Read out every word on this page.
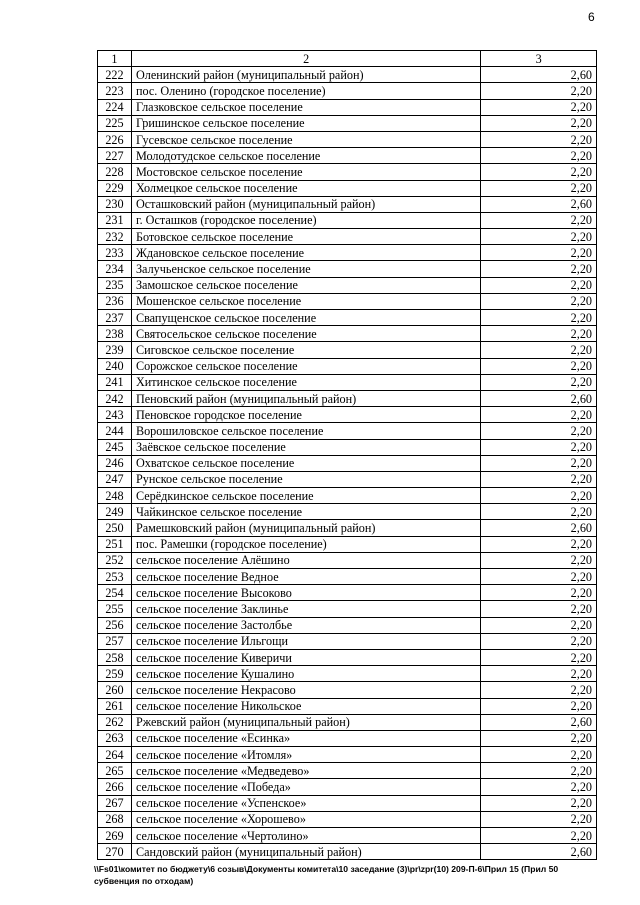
6
1	2	3
222	Оленинский район (муниципальный район)	2,60
223	пос. Оленино (городское поселение)	2,20
224	Глазковское сельское поселение	2,20
225	Гришинское сельское поселение	2,20
226	Гусевское сельское поселение	2,20
227	Молодотудское сельское поселение	2,20
228	Мостовское сельское поселение	2,20
229	Холмецкое сельское поселение	2,20
230	Осташковский район (муниципальный район)	2,60
231	г. Осташков (городское поселение)	2,20
232	Ботовское сельское поселение	2,20
233	Ждановское сельское поселение	2,20
234	Залучьенское сельское поселение	2,20
235	Замошское сельское поселение	2,20
236	Мошенское сельское поселение	2,20
237	Свапущенское сельское поселение	2,20
238	Святосельское сельское поселение	2,20
239	Сиговское сельское поселение	2,20
240	Сорожское сельское поселение	2,20
241	Хитинское сельское поселение	2,20
242	Пеновский район (муниципальный район)	2,60
243	Пеновское городское поселение	2,20
244	Ворошиловское сельское поселение	2,20
245	Заёвское сельское поселение	2,20
246	Охватское сельское поселение	2,20
247	Рунское сельское поселение	2,20
248	Серёдкинское сельское поселение	2,20
249	Чайкинское сельское поселение	2,20
250	Рамешковский район (муниципальный район)	2,60
251	пос. Рамешки (городское поселение)	2,20
252	сельское поселение Алёшино	2,20
253	сельское поселение Ведное	2,20
254	сельское поселение Высоково	2,20
255	сельское поселение Заклинье	2,20
256	сельское поселение Застолбье	2,20
257	сельское поселение Ильгощи	2,20
258	сельское поселение Киверичи	2,20
259	сельское поселение Кушалино	2,20
260	сельское поселение Некрасово	2,20
261	сельское поселение Никольское	2,20
262	Ржевский район (муниципальный район)	2,60
263	сельское поселение «Есинка»	2,20
264	сельское поселение «Итомля»	2,20
265	сельское поселение «Медведево»	2,20
266	сельское поселение «Победа»	2,20
267	сельское поселение «Успенское»	2,20
268	сельское поселение «Хорошево»	2,20
269	сельское поселение «Чертолино»	2,20
270	Сандовский район (муниципальный район)	2,60
\\Fs01\комитет по бюджету\6 созыв\Документы комитета\10 заседание (3)\pr\zpr(10) 209-П-6\Прил 15 (Прил 50 субвенция по отходам)
